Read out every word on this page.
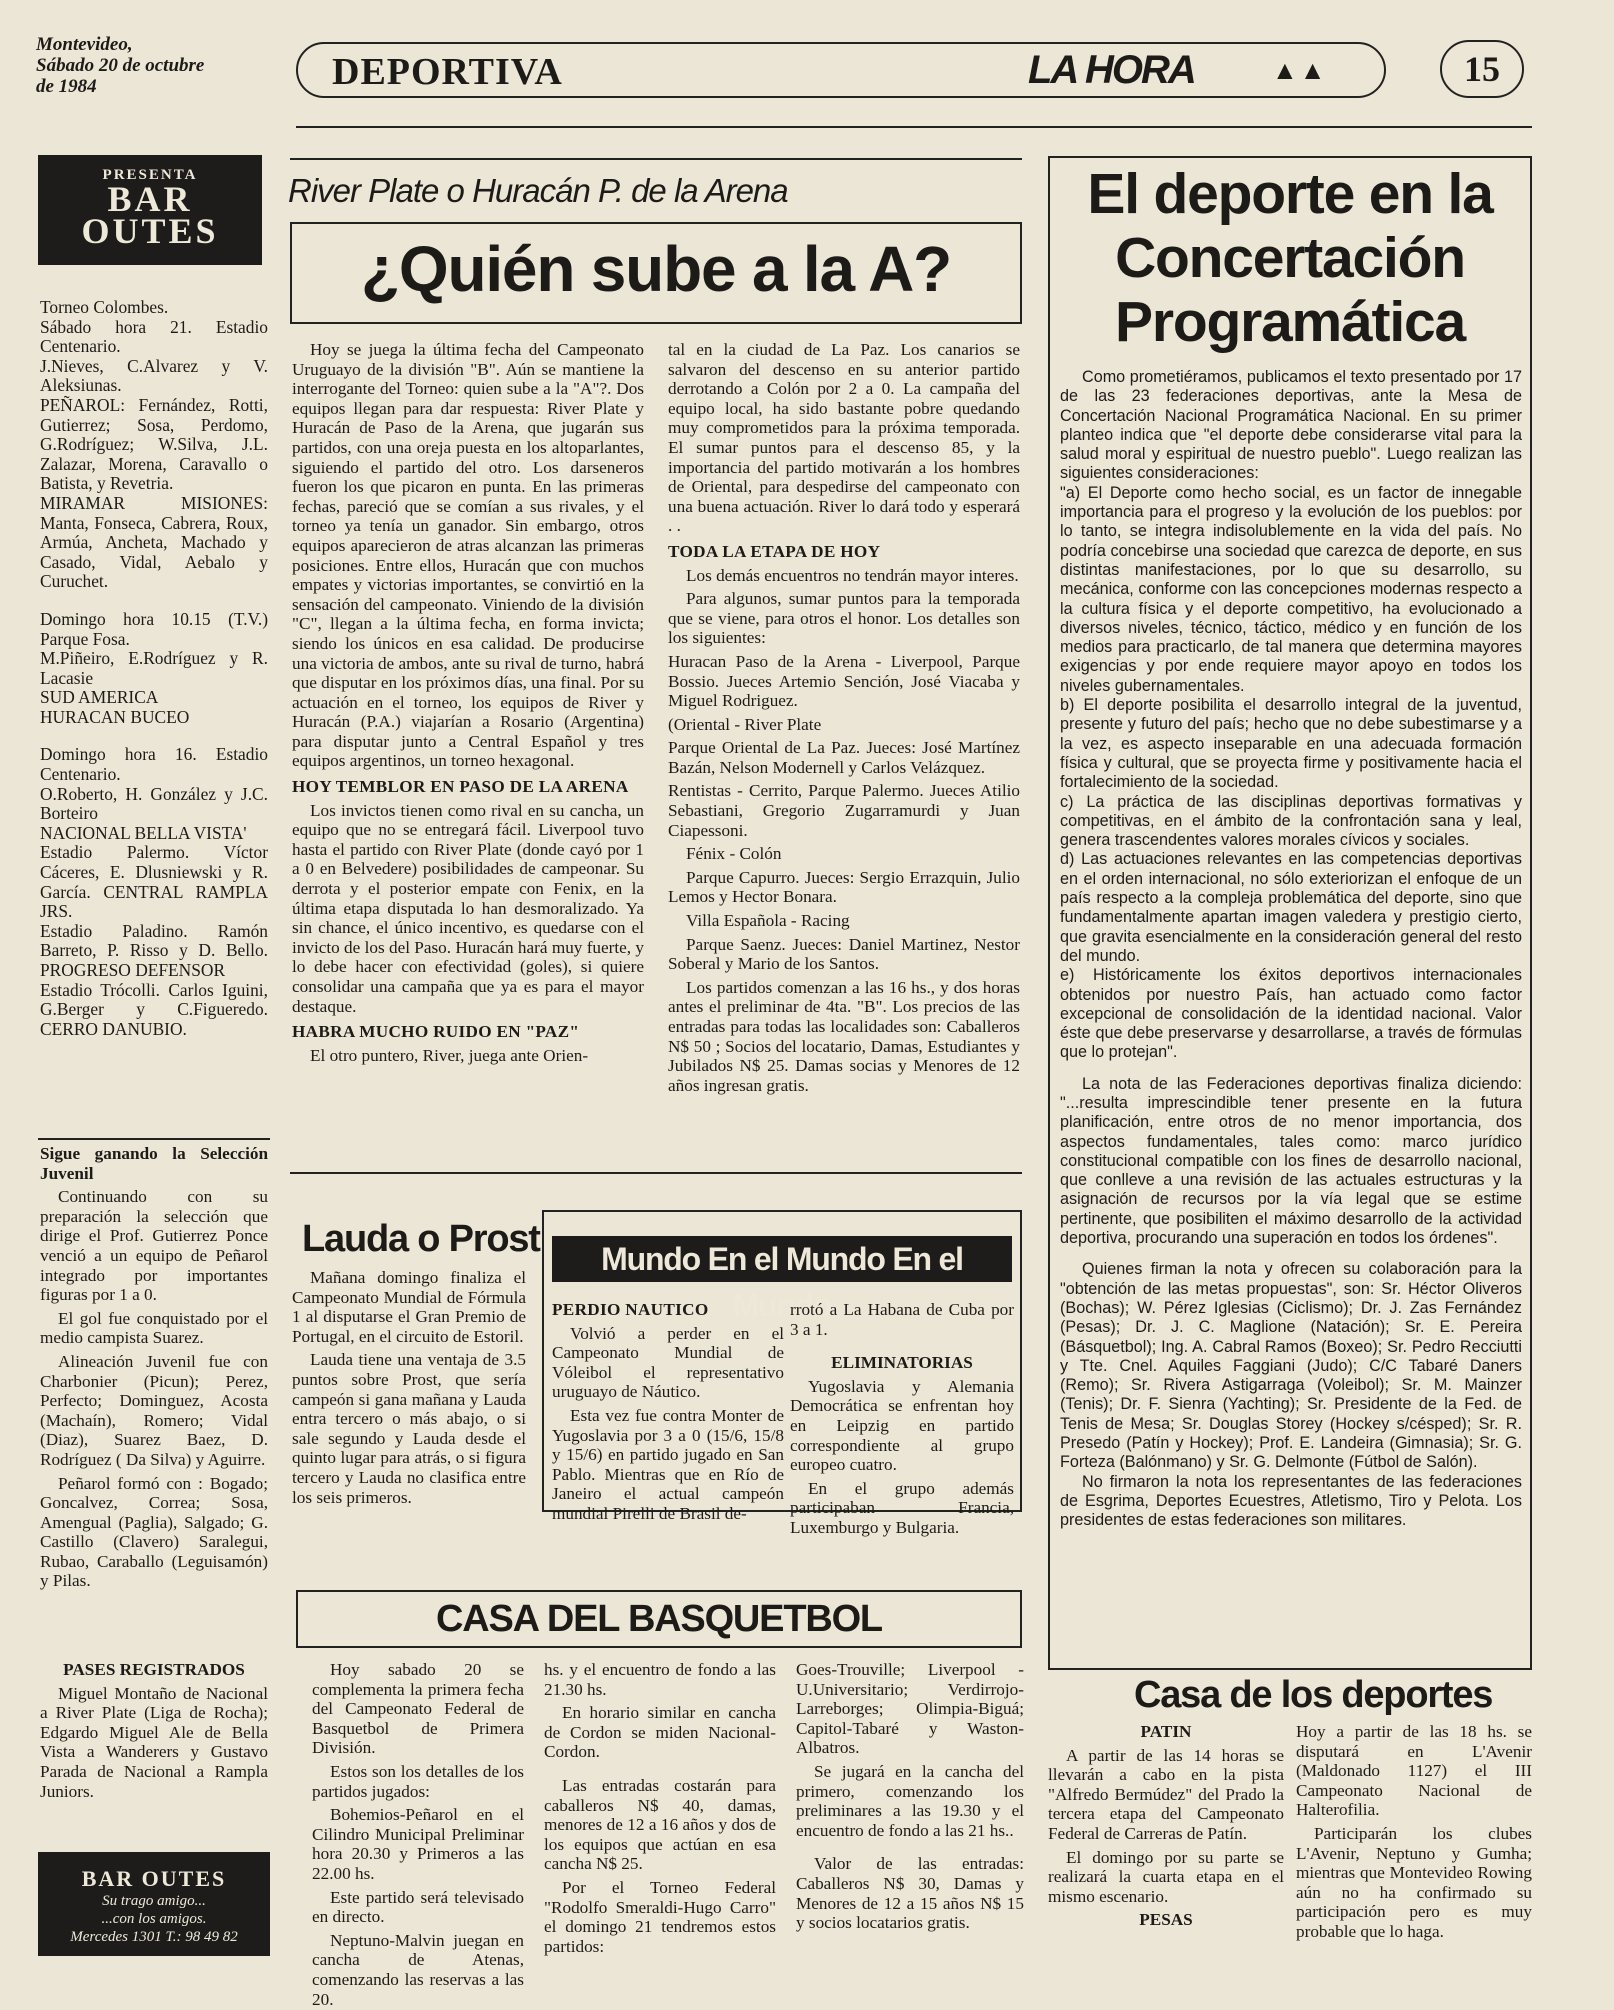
Montevideo,
Sábado 20 de octubre
de 1984	DEPORTIVA	LA HORA	▲▲	15
PRESENTA
BAR
OUTES

Torneo Colombes.

Sábado hora 21. Estadio Centenario.

J.Nieves, C.Alvarez y V. Aleksiunas.

PEÑAROL: Fernández, Rotti, Gutierrez; Sosa, Perdomo, G.Rodríguez; W.Silva, J.L. Zalazar, Morena, Caravallo o Batista, y Revetria.

MIRAMAR MISIONES: Manta, Fonseca, Cabrera, Roux, Armúa, Ancheta, Machado y Casado, Vidal, Aebalo y Curuchet.

Domingo hora 10.15 (T.V.) Parque Fosa.

M.Piñeiro, E.Rodríguez y R. Lacasie

SUD AMERICA

HURACAN BUCEO

Domingo hora 16. Estadio Centenario.

O.Roberto, H. González y J.C. Borteiro

NACIONAL BELLA VISTA'

Estadio Palermo. Víctor Cáceres, E. Dlusniewski y R. García. CENTRAL RAMPLA JRS.

Estadio Paladino. Ramón Barreto, P. Risso y D. Bello. PROGRESO DEFENSOR

Estadio Trócolli. Carlos Iguini, G.Berger y C.Figueredo. CERRO DANUBIO.

Sigue ganando la Selección Juvenil

Continuando con su preparación la selección que dirige el Prof. Gutierrez Ponce venció a un equipo de Peñarol integrado por importantes figuras por 1 a 0.

El gol fue conquistado por el medio campista Suarez.

Alineación Juvenil fue con Charbonier (Picun); Perez, Perfecto; Dominguez, Acosta (Machaín), Romero; Vidal (Diaz), Suarez Baez, D. Rodríguez ( Da Silva) y Aguirre.

Peñarol formó con : Bogado; Goncalvez, Correa; Sosa, Amengual (Paglia), Salgado; G. Castillo (Clavero) Saralegui, Rubao, Caraballo (Leguisamón) y Pilas.

PASES REGISTRADOS

Miguel Montaño de Nacional a River Plate (Liga de Rocha); Edgardo Miguel Ale de Bella Vista a Wanderers y Gustavo Parada de Nacional a Rampla Juniors.

BAR OUTES
Su trago amigo...
...con los amigos.
Mercedes 1301 T.: 98 49 82
River Plate o Huracán P. de la Arena
¿Quién sube a la A?

Hoy se juega la última fecha del Campeonato Uruguayo de la división "B". Aún se mantiene la interrogante del Torneo: quien sube a la "A"?. Dos equipos llegan para dar respuesta: River Plate y Huracán de Paso de la Arena, que jugarán sus partidos, con una oreja puesta en los altoparlantes, siguiendo el partido del otro. Los darseneros fueron los que picaron en punta. En las primeras fechas, pareció que se comían a sus rivales, y el torneo ya tenía un ganador. Sin embargo, otros equipos aparecieron de atras alcanzan las primeras posiciones. Entre ellos, Huracán que con muchos empates y victorias importantes, se convirtió en la sensación del campeonato. Viniendo de la división "C", llegan a la última fecha, en forma invicta; siendo los únicos en esa calidad. De producirse una victoria de ambos, ante su rival de turno, habrá que disputar en los próximos días, una final. Por su actuación en el torneo, los equipos de River y Huracán (P.A.) viajarían a Rosario (Argentina) para disputar junto a Central Español y tres equipos argentinos, un torneo hexagonal.

HOY TEMBLOR EN PASO DE LA ARENA

Los invictos tienen como rival en su cancha, un equipo que no se entregará fácil. Liverpool tuvo hasta el partido con River Plate (donde cayó por 1 a 0 en Belvedere) posibilidades de campeonar. Su derrota y el posterior empate con Fenix, en la última etapa disputada lo han desmoralizado. Ya sin chance, el único incentivo, es quedarse con el invicto de los del Paso. Huracán hará muy fuerte, y lo debe hacer con efectividad (goles), si quiere consolidar una campaña que ya es para el mayor destaque.

HABRA MUCHO RUIDO EN "PAZ"

El otro puntero, River, juega ante Orien-

tal en la ciudad de La Paz. Los canarios se salvaron del descenso en su anterior partido derrotando a Colón por 2 a 0. La campaña del equipo local, ha sido bastante pobre quedando muy comprometidos para la próxima temporada. El sumar puntos para el descenso 85, y la importancia del partido motivarán a los hombres de Oriental, para despedirse del campeonato con una buena actuación. River lo dará todo y esperará . .

TODA LA ETAPA DE HOY

Los demás encuentros no tendrán mayor interes.

Para algunos, sumar puntos para la temporada que se viene, para otros el honor. Los detalles son los siguientes:

Huracan Paso de la Arena - Liverpool, Parque Bossio. Jueces Artemio Sención, José Viacaba y Miguel Rodriguez.

(Oriental - River Plate

Parque Oriental de La Paz. Jueces: José Martínez Bazán, Nelson Modernell y Carlos Velázquez.

Rentistas - Cerrito, Parque Palermo. Jueces Atilio Sebastiani, Gregorio Zugarramurdi y Juan Ciapessoni.

Fénix - Colón

Parque Capurro. Jueces: Sergio Errazquin, Julio Lemos y Hector Bonara.

Villa Española - Racing

Parque Saenz. Jueces: Daniel Martinez, Nestor Soberal y Mario de los Santos.

Los partidos comenzan a las 16 hs., y dos horas antes el preliminar de 4ta. "B". Los precios de las entradas para todas las localidades son: Caballeros N$ 50 ; Socios del locatario, Damas, Estudiantes y Jubilados N$ 25. Damas socias y Menores de 12 años ingresan gratis.

El deporte en la Concertación Programática

Como prometiéramos, publicamos el texto presentado por 17 de las 23 federaciones deportivas, ante la Mesa de Concertación Nacional Programática Nacional. En su primer planteo indica que "el deporte debe considerarse vital para la salud moral y espiritual de nuestro pueblo". Luego realizan las siguientes consideraciones:

"a) El Deporte como hecho social, es un factor de innegable importancia para el progreso y la evolución de los pueblos: por lo tanto, se integra indisolublemente en la vida del país. No podría concebirse una sociedad que carezca de deporte, en sus distintas manifestaciones, por lo que su desarrollo, su mecánica, conforme con las concepciones modernas respecto a la cultura física y el deporte competitivo, ha evolucionado a diversos niveles, técnico, táctico, médico y en función de los medios para practicarlo, de tal manera que determina mayores exigencias y por ende requiere mayor apoyo en todos los niveles gubernamentales.

b) El deporte posibilita el desarrollo integral de la juventud, presente y futuro del país; hecho que no debe subestimarse y a la vez, es aspecto inseparable en una adecuada formación física y cultural, que se proyecta firme y positivamente hacia el fortalecimiento de la sociedad.

c) La práctica de las disciplinas deportivas formativas y competitivas, en el ámbito de la confrontación sana y leal, genera trascendentes valores morales cívicos y sociales.

d) Las actuaciones relevantes en las competencias deportivas en el orden internacional, no sólo exteriorizan el enfoque de un país respecto a la compleja problemática del deporte, sino que fundamentalmente apartan imagen valedera y prestigio cierto, que gravita esencialmente en la consideración general del resto del mundo.

e) Históricamente los éxitos deportivos internacionales obtenidos por nuestro País, han actuado como factor excepcional de consolidación de la identidad nacional. Valor éste que debe preservarse y desarrollarse, a través de fórmulas que lo protejan".

La nota de las Federaciones deportivas finaliza diciendo: "...resulta imprescindible tener presente en la futura planificación, entre otros de no menor importancia, dos aspectos fundamentales, tales como: marco jurídico constitucional compatible con los fines de desarrollo nacional, que conlleve a una revisión de las actuales estructuras y la asignación de recursos por la vía legal que se estime pertinente, que posibiliten el máximo desarrollo de la actividad deportiva, procurando una superación en todos los órdenes".

Quienes firman la nota y ofrecen su colaboración para la "obtención de las metas propuestas", son: Sr. Héctor Oliveros (Bochas); W. Pérez Iglesias (Ciclismo); Dr. J. Zas Fernández (Pesas); Dr. J. C. Maglione (Natación); Sr. E. Pereira (Básquetbol); Ing. A. Cabral Ramos (Boxeo); Sr. Pedro Recciutti y Tte. Cnel. Aquiles Faggiani (Judo); C/C Tabaré Daners (Remo); Sr. Rivera Astigarraga (Voleibol); Sr. M. Mainzer (Tenis); Dr. F. Sienra (Yachting); Sr. Presidente de la Fed. de Tenis de Mesa; Sr. Douglas Storey (Hockey s/césped); Sr. R. Presedo (Patín y Hockey); Prof. E. Landeira (Gimnasia); Sr. G. Forteza (Balónmano) y Sr. G. Delmonte (Fútbol de Salón).

No firmaron la nota los representantes de las federaciones de Esgrima, Deportes Ecuestres, Atletismo, Tiro y Pelota. Los presidentes de estas federaciones son militares.

Casa de los deportes

PATIN

A partir de las 14 horas se llevarán a cabo en la pista "Alfredo Bermúdez" del Prado la tercera etapa del Campeonato Federal de Carreras de Patín.

El domingo por su parte se realizará la cuarta etapa en el mismo escenario.

PESAS

Hoy a partir de las 18 hs. se disputará en L'Avenir (Maldonado 1127) el III Campeonato Nacional de Halterofilia.

Participarán los clubes L'Avenir, Neptuno y Gumha; mientras que Montevideo Rowing aún no ha confirmado su participación pero es muy probable que lo haga.

Lauda o Prost

Mañana domingo finaliza el Campeonato Mundial de Fórmula 1 al disputarse el Gran Premio de Portugal, en el circuito de Estoril.

Lauda tiene una ventaja de 3.5 puntos sobre Prost, que sería campeón si gana mañana y Lauda entra tercero o más abajo, o si sale segundo y Lauda desde el quinto lugar para atrás, o si figura tercero y Lauda no clasifica entre los seis primeros.

Mundo En el Mundo En el Mundo

PERDIO NAUTICO

Volvió a perder en el Campeonato Mundial de Vóleibol el representativo uruguayo de Náutico.

Esta vez fue contra Monter de Yugoslavia por 3 a 0 (15/6, 15/8 y 15/6) en partido jugado en San Pablo. Mientras que en Río de Janeiro el actual campeón mundial Pirelli de Brasil de-

rrotó a La Habana de Cuba por 3 a 1.

ELIMINATORIAS

Yugoslavia y Alemania Democrática se enfrentan hoy en Leipzig en partido correspondiente al grupo europeo cuatro.

En el grupo además participaban Francia, Luxemburgo y Bulgaria.

CASA DEL BASQUETBOL

Hoy sabado 20 se complementa la primera fecha del Campeonato Federal de Basquetbol de Primera División.

Estos son los detalles de los partidos jugados:

Bohemios-Peñarol en el Cilindro Municipal Preliminar hora 20.30 y Primeros a las 22.00 hs.

Este partido será televisado en directo.

Neptuno-Malvin juegan en cancha de Atenas, comenzando las reservas a las 20.

hs. y el encuentro de fondo a las 21.30 hs.

En horario similar en cancha de Cordon se miden Nacional-Cordon.

Las entradas costarán para caballeros N$ 40, damas, menores de 12 a 16 años y dos de los equipos que actúan en esa cancha N$ 25.

Por el Torneo Federal "Rodolfo Smeraldi-Hugo Carro" el domingo 21 tendremos estos partidos:

Goes-Trouville; Liverpool -U.Universitario; Verdirrojo-Larreborges; Olimpia-Biguá; Capitol-Tabaré y Waston-Albatros.

Se jugará en la cancha del primero, comenzando los preliminares a las 19.30 y el encuentro de fondo a las 21 hs..

Valor de las entradas: Caballeros N$ 30, Damas y Menores de 12 a 15 años N$ 15 y socios locatarios gratis.
